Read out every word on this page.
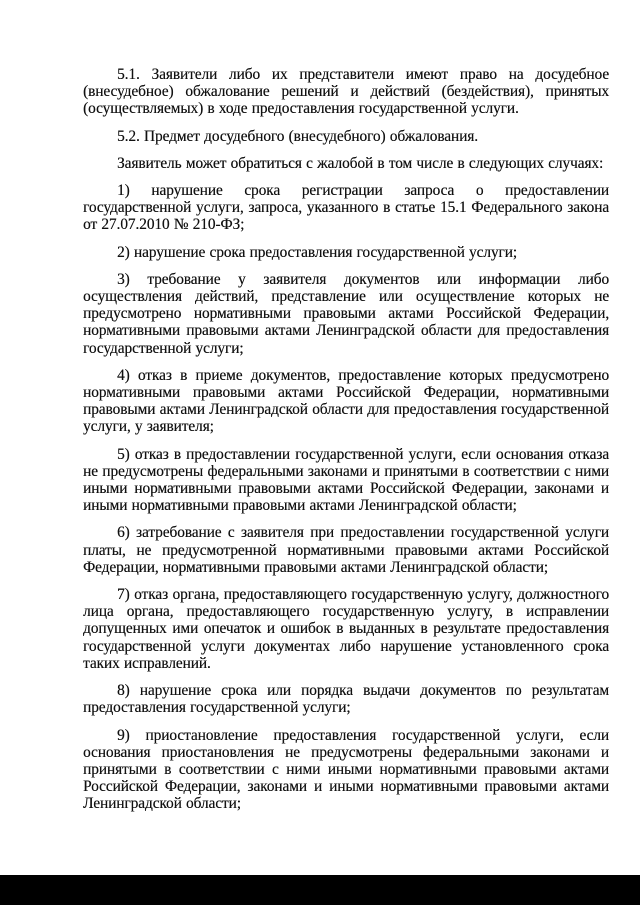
5.1. Заявители либо их представители имеют право на досудебное (внесудебное) обжалование решений и действий (бездействия), принятых (осуществляемых) в ходе предоставления государственной услуги.

5.2. Предмет досудебного (внесудебного) обжалования.

Заявитель может обратиться с жалобой в том числе в следующих случаях:

1) нарушение срока регистрации запроса о предоставлении государственной услуги, запроса, указанного в статье 15.1 Федерального закона от 27.07.2010 № 210-ФЗ;

2) нарушение срока предоставления государственной услуги;

3) требование у заявителя документов или информации либо осуществления действий, представление или осуществление которых не предусмотрено нормативными правовыми актами Российской Федерации, нормативными правовыми актами Ленинградской области для предоставления государственной услуги;

4) отказ в приеме документов, предоставление которых предусмотрено нормативными правовыми актами Российской Федерации, нормативными правовыми актами Ленинградской области для предоставления государственной услуги, у заявителя;

5) отказ в предоставлении государственной услуги, если основания отказа не предусмотрены федеральными законами и принятыми в соответствии с ними иными нормативными правовыми актами Российской Федерации, законами и иными нормативными правовыми актами Ленинградской области;

6) затребование с заявителя при предоставлении государственной услуги платы, не предусмотренной нормативными правовыми актами Российской Федерации, нормативными правовыми актами Ленинградской области;

7) отказ органа, предоставляющего государственную услугу, должностного лица органа, предоставляющего государственную услугу, в исправлении допущенных ими опечаток и ошибок в выданных в результате предоставления государственной услуги документах либо нарушение установленного срока таких исправлений.

8) нарушение срока или порядка выдачи документов по результатам предоставления государственной услуги;

9) приостановление предоставления государственной услуги, если основания приостановления не предусмотрены федеральными законами и принятыми в соответствии с ними иными нормативными правовыми актами Российской Федерации, законами и иными нормативными правовыми актами Ленинградской области;
